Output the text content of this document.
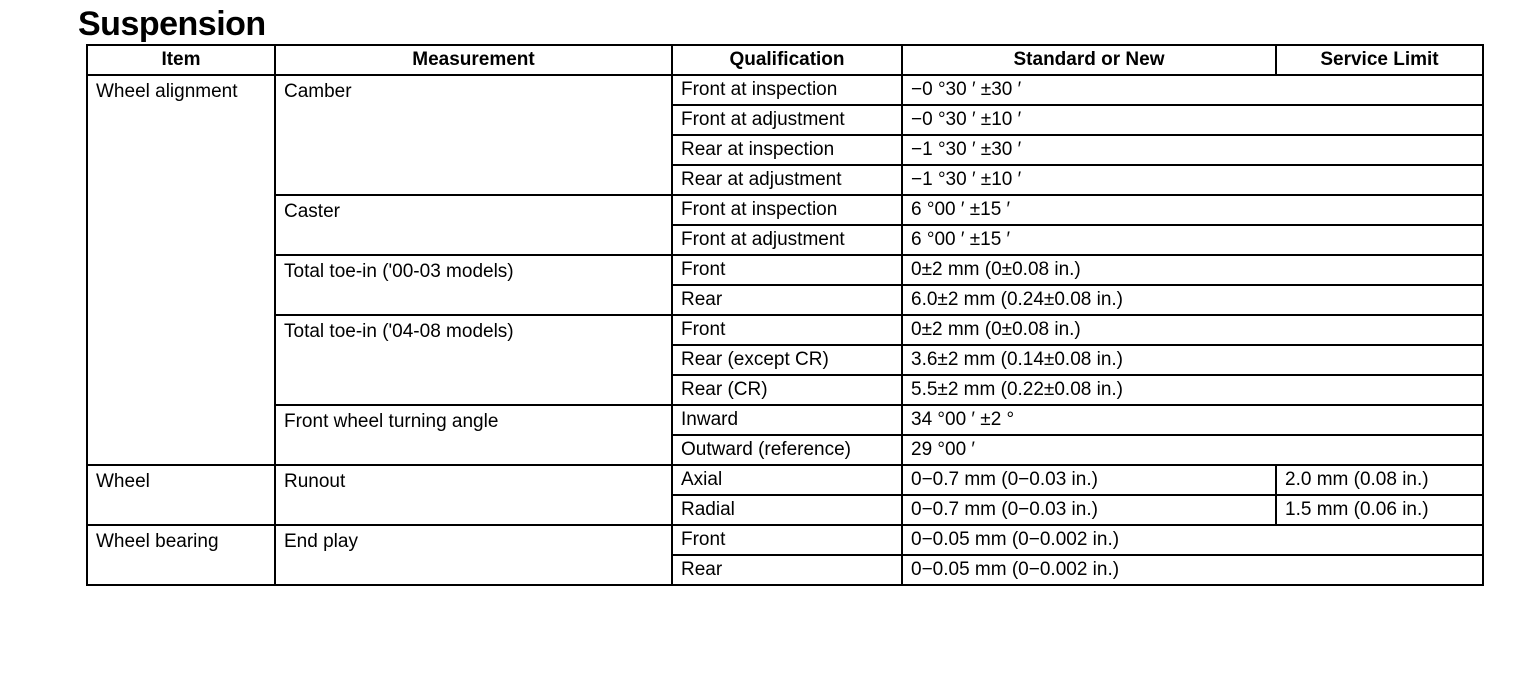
Suspension
Item	Measurement	Qualification	Standard or New	Service Limit
Wheel alignment	Camber	Front at inspection	−0 °30 ′ ±30 ′	
		Front at adjustment	−0 °30 ′ ±10 ′	
		Rear at inspection	−1 °30 ′ ±30 ′	
		Rear at adjustment	−1 °30 ′ ±10 ′	
	Caster	Front at inspection	6 °00 ′ ±15 ′	
		Front at adjustment	6 °00 ′ ±15 ′	
	Total toe-in ('00-03 models)	Front	0±2 mm (0±0.08 in.)	
		Rear	6.0±2 mm (0.24±0.08 in.)	
	Total toe-in ('04-08 models)	Front	0±2 mm (0±0.08 in.)	
		Rear (except CR)	3.6±2 mm (0.14±0.08 in.)	
		Rear (CR)	5.5±2 mm (0.22±0.08 in.)	
	Front wheel turning angle	Inward	34 °00 ′ ±2 °	
		Outward (reference)	29 °00 ′	
Wheel	Runout	Axial	0−0.7 mm (0−0.03 in.)	2.0 mm (0.08 in.)
		Radial	0−0.7 mm (0−0.03 in.)	1.5 mm (0.06 in.)
Wheel bearing	End play	Front	0−0.05 mm (0−0.002 in.)	
		Rear	0−0.05 mm (0−0.002 in.)	
